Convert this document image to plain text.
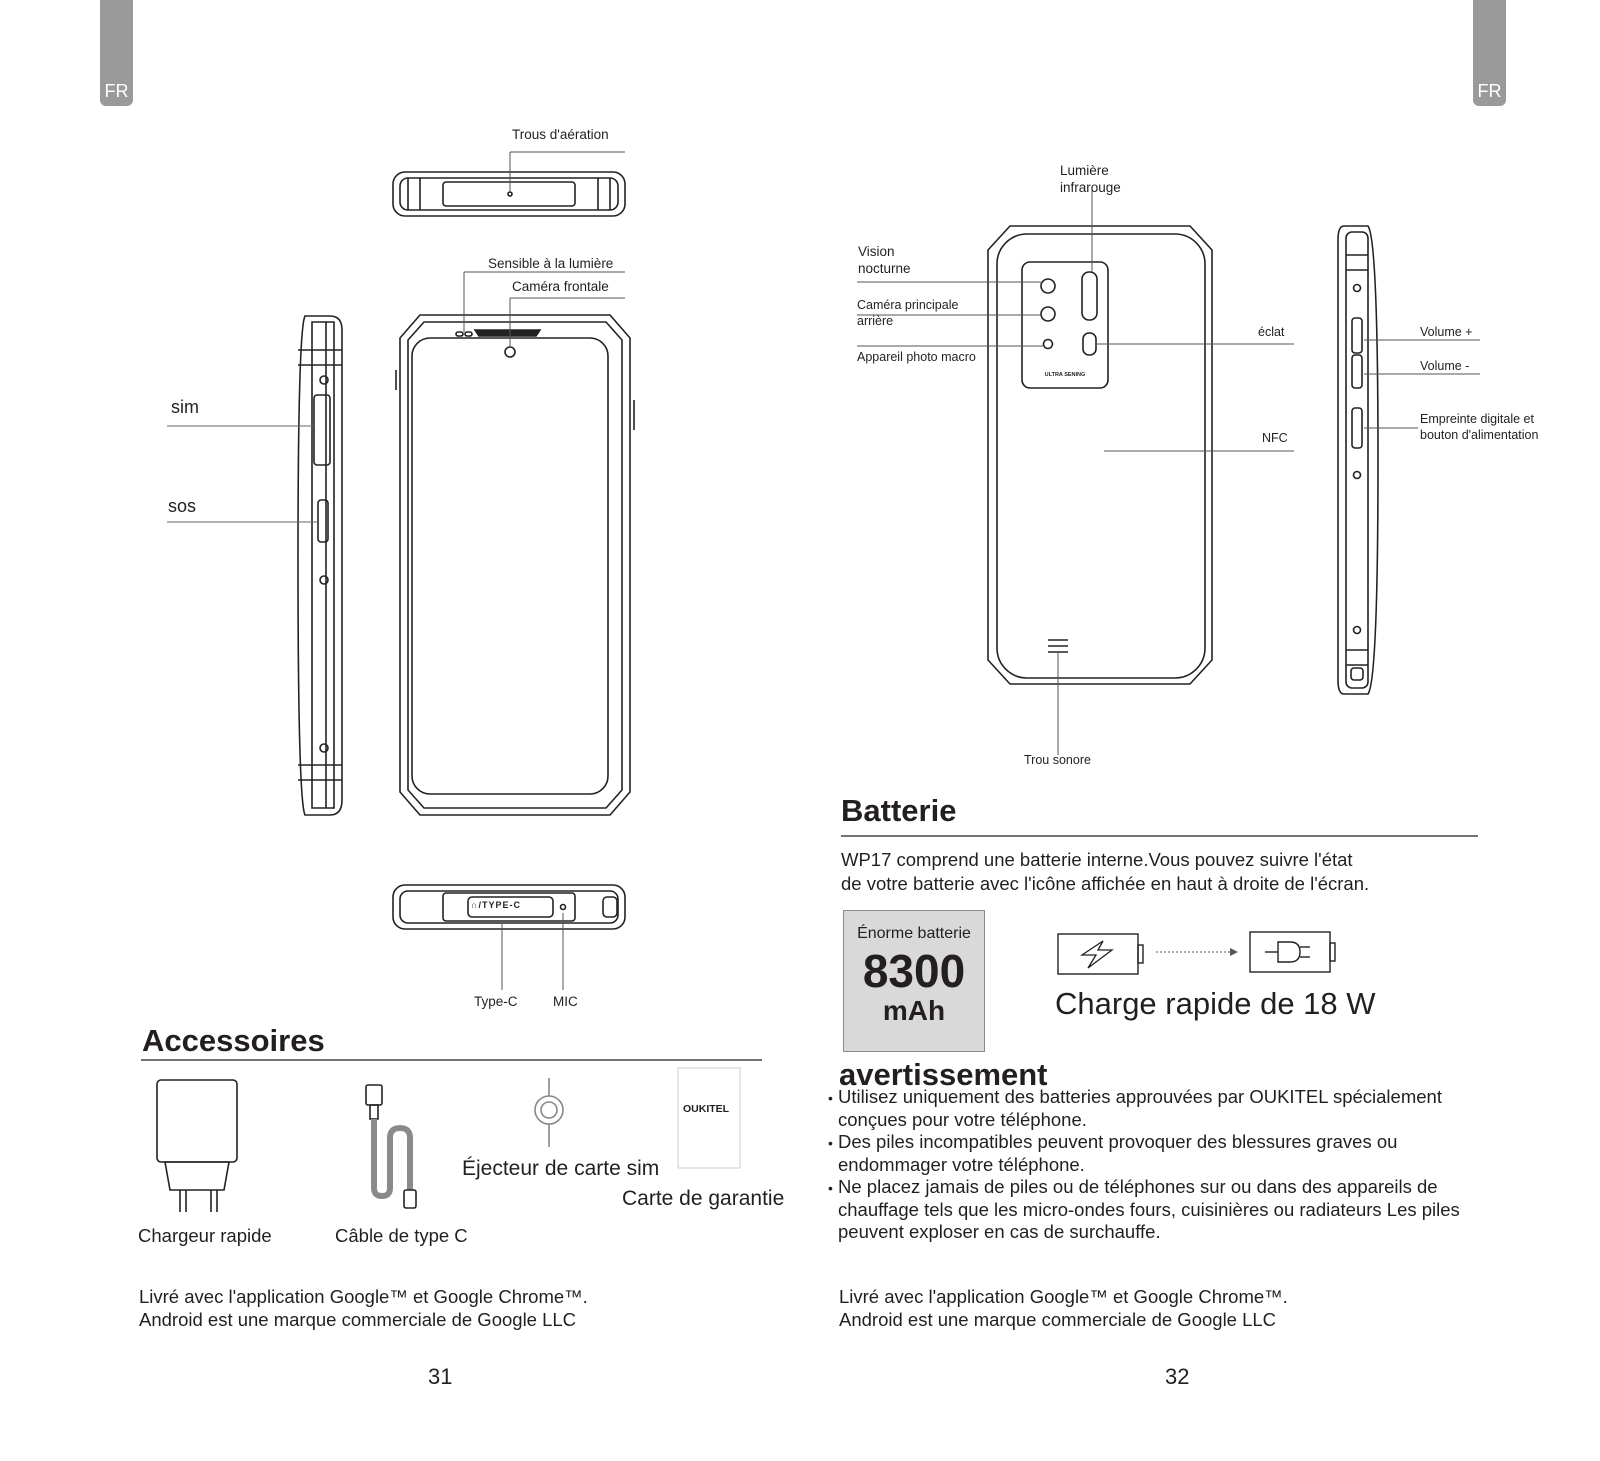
FR	FR
Trous d'aération
Sensible à la lumière
Caméra frontale
sim
sos
Type-C	MIC
∩/TYPE-C
Accessoires
OUKITEL
Chargeur rapide	Câble de type C
Éjecteur de carte sim
Carte de garantie
Livré avec l'application Google™ et Google Chrome™.
Android est une marque commerciale de Google LLC
31
Lumière
infrarouge
Vision
nocturne
Caméra principale
arrière
Appareil photo macro
éclat
NFC
Trou sonore
Volume +
Volume -
Empreinte digitale et
bouton d'alimentation
ULTRA SENING
Batterie
WP17 comprend une batterie interne.Vous pouvez suivre l'état
de votre batterie avec l'icône affichée en haut à droite de l'écran.
Énorme batterie
8300
mAh	Charge rapide de 18 W
avertissement
• Utilisez uniquement des batteries approuvées par OUKITEL spécialement conçues pour votre téléphone.
• Des piles incompatibles peuvent provoquer des blessures graves ou endommager votre téléphone.
• Ne placez jamais de piles ou de téléphones sur ou dans des appareils de chauffage tels que les micro-ondes fours, cuisinières ou radiateurs Les piles peuvent exploser en cas de surchauffe.
Livré avec l'application Google™ et Google Chrome™.
Android est une marque commerciale de Google LLC
32
